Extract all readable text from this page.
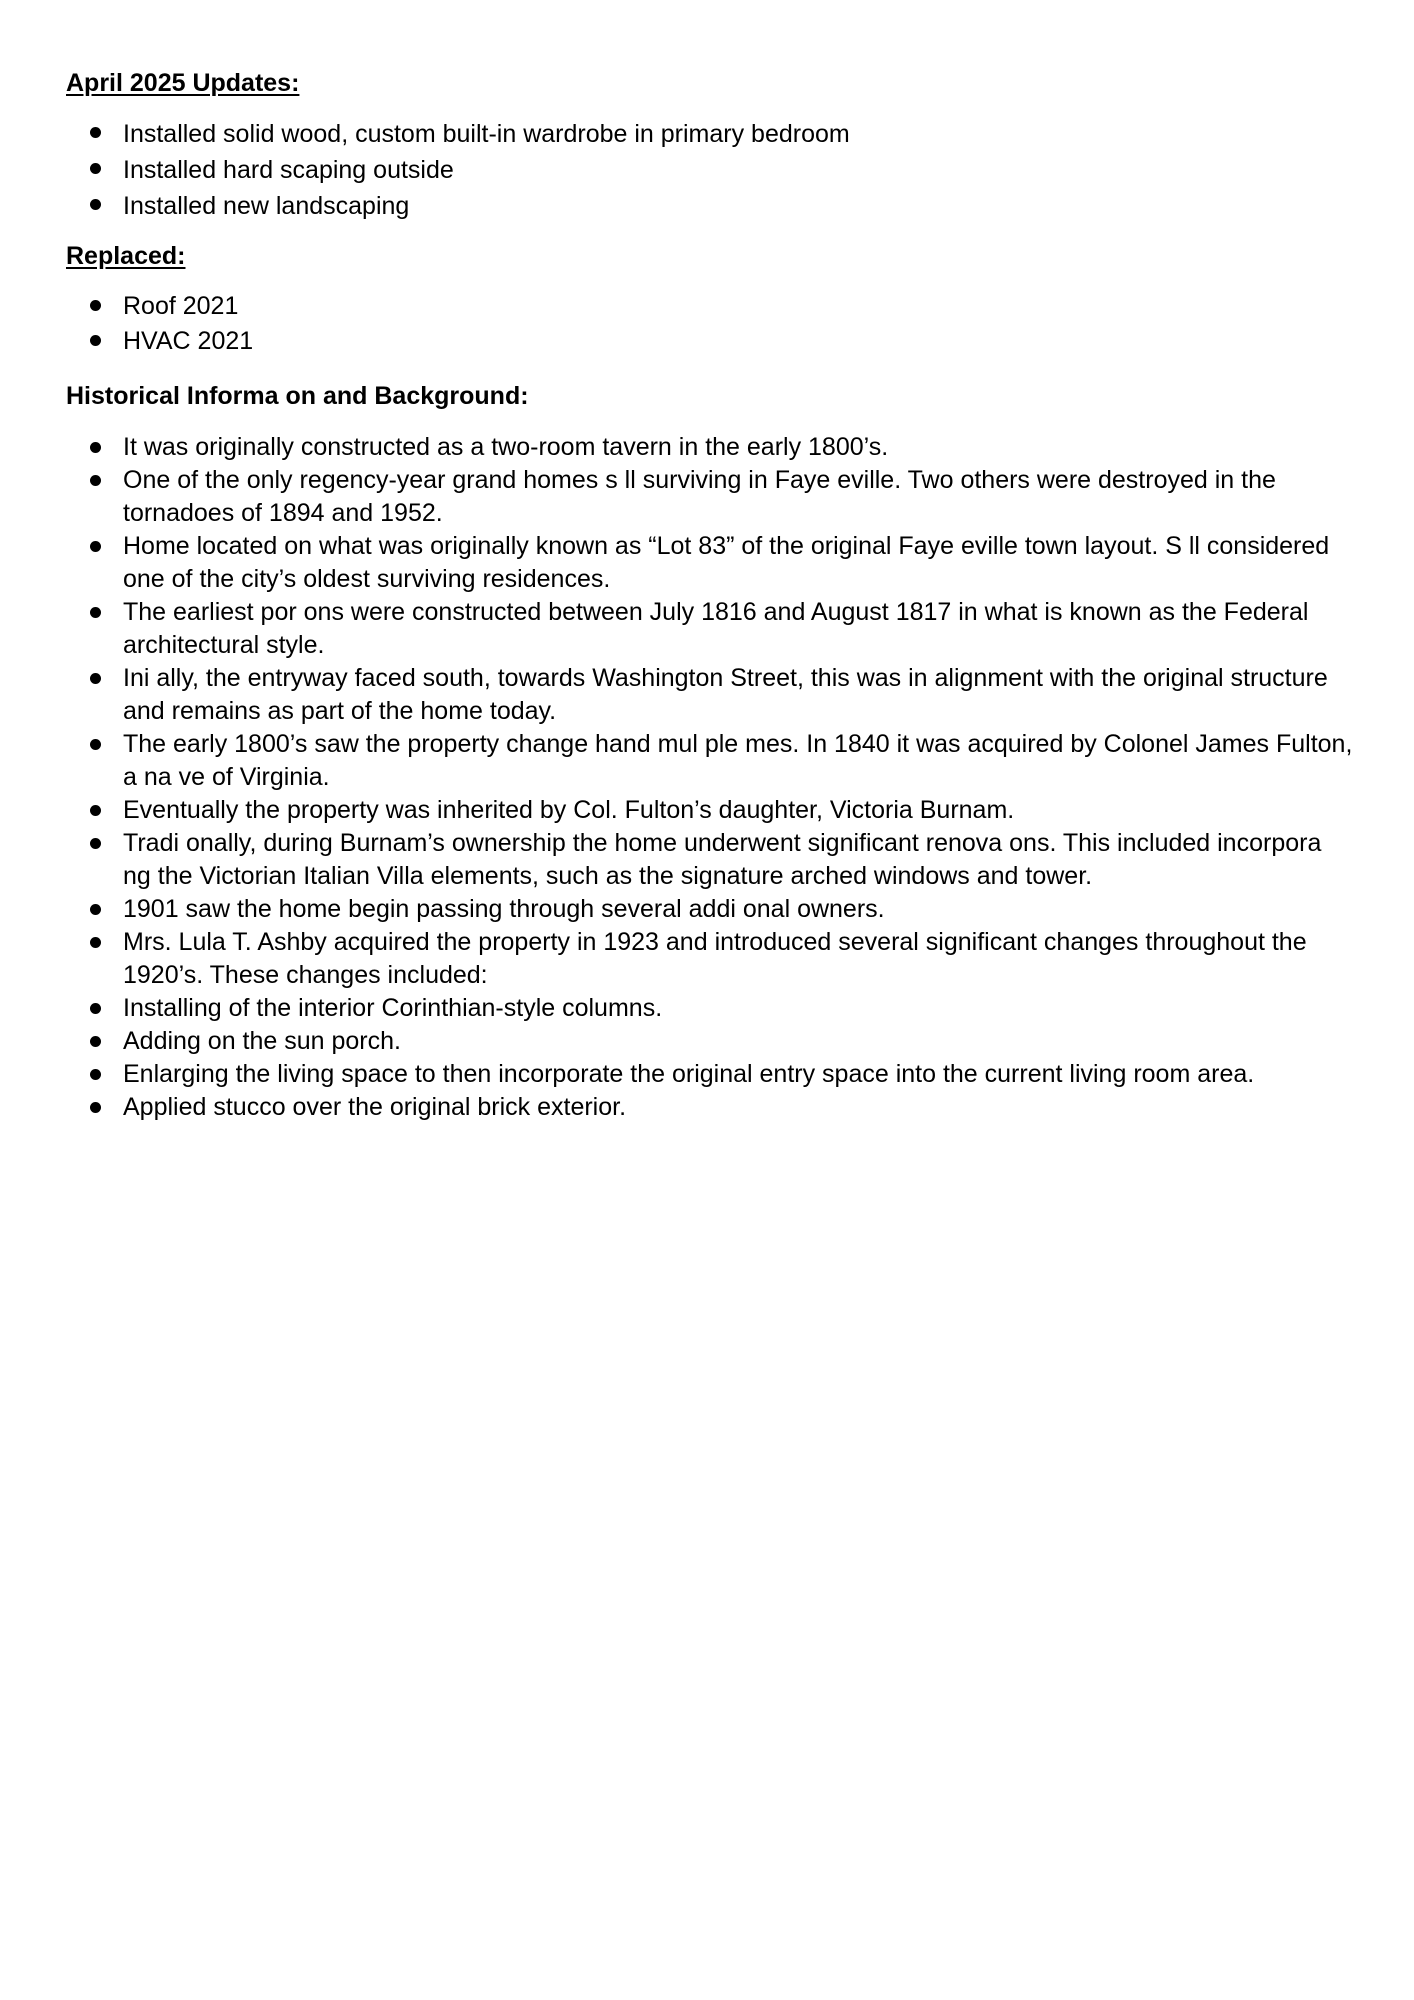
April 2025 Updates:

Installed solid wood, custom built-in wardrobe in primary bedroom
Installed hard scaping outside
Installed new landscaping

Replaced:

Roof 2021
HVAC 2021

Historical Informa on and Background:

It was originally constructed as a two-room tavern in the early 1800’s.
One of the only regency-year grand homes s ll surviving in Faye eville. Two others were destroyed in the tornadoes of 1894 and 1952.
Home located on what was originally known as “Lot 83” of the original Faye eville town layout. S ll considered one of the city’s oldest surviving residences.
The earliest por ons were constructed between July 1816 and August 1817 in what is known as the Federal architectural style.
Ini ally, the entryway faced south, towards Washington Street, this was in alignment with the original structure and remains as part of the home today.
The early 1800’s saw the property change hand mul ple mes. In 1840 it was acquired by Colonel James Fulton, a na ve of Virginia.
Eventually the property was inherited by Col. Fulton’s daughter, Victoria Burnam.
Tradi onally, during Burnam’s ownership the home underwent significant renova ons. This included incorpora ng the Victorian Italian Villa elements, such as the signature arched windows and tower.
1901 saw the home begin passing through several addi onal owners.
Mrs. Lula T. Ashby acquired the property in 1923 and introduced several significant changes throughout the 1920’s. These changes included:
Installing of the interior Corinthian-style columns.
Adding on the sun porch.
Enlarging the living space to then incorporate the original entry space into the current living room area.
Applied stucco over the original brick exterior.
